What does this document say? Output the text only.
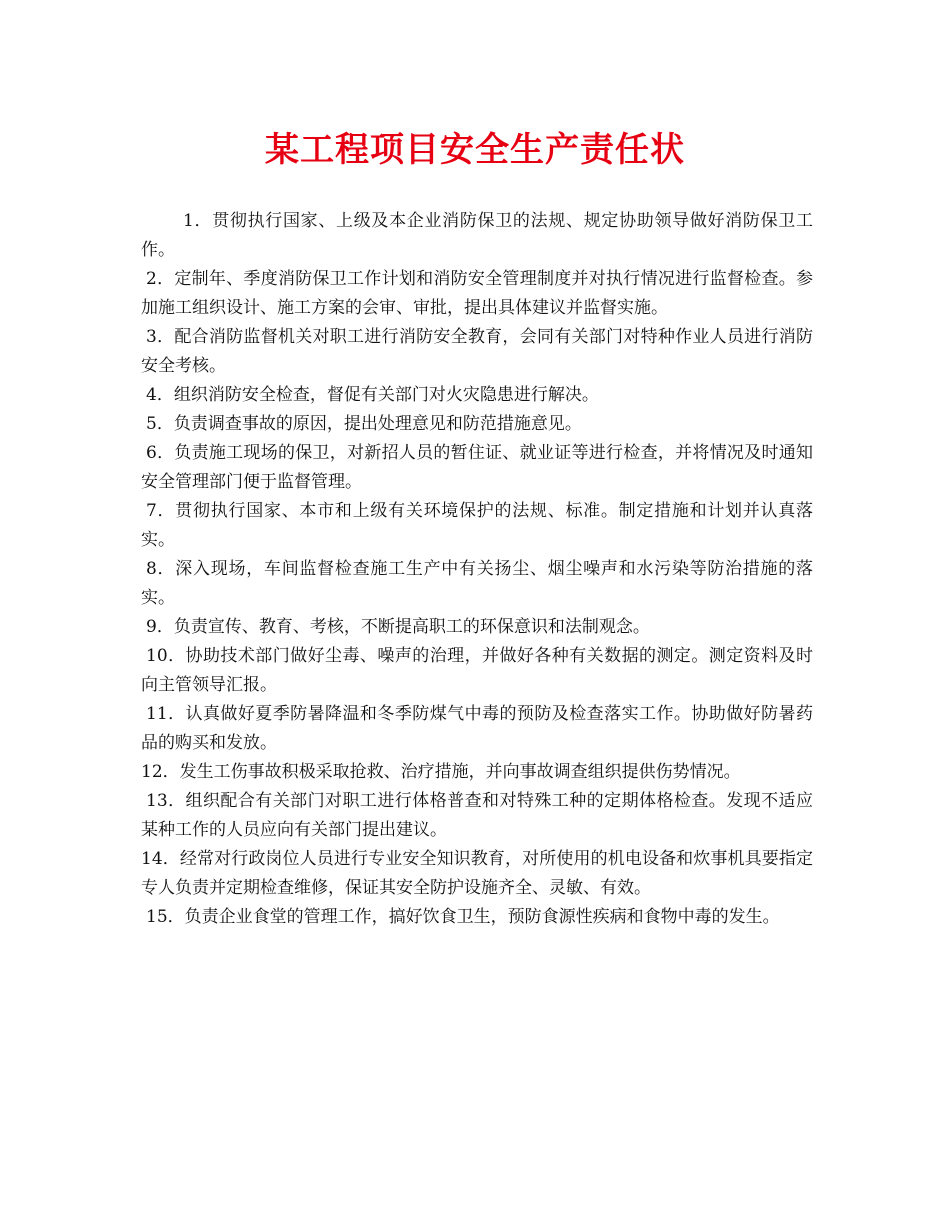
某工程项目安全生产责任状

1．贯彻执行国家、上级及本企业消防保卫的法规、规定协助领导做好消防保卫工作。

2．定制年、季度消防保卫工作计划和消防安全管理制度并对执行情况进行监督检查。参加施工组织设计、施工方案的会审、审批，提出具体建议并监督实施。

3．配合消防监督机关对职工进行消防安全教育，会同有关部门对特种作业人员进行消防安全考核。

4．组织消防安全检查，督促有关部门对火灾隐患进行解决。

5．负责调查事故的原因，提出处理意见和防范措施意见。

6．负责施工现场的保卫，对新招人员的暂住证、就业证等进行检查，并将情况及时通知安全管理部门便于监督管理。

7．贯彻执行国家、本市和上级有关环境保护的法规、标准。制定措施和计划并认真落实。

8．深入现场，车间监督检查施工生产中有关扬尘、烟尘噪声和水污染等防治措施的落实。

9．负责宣传、教育、考核，不断提高职工的环保意识和法制观念。

10．协助技术部门做好尘毒、噪声的治理，并做好各种有关数据的测定。测定资料及时向主管领导汇报。

11．认真做好夏季防暑降温和冬季防煤气中毒的预防及检查落实工作。协助做好防暑药品的购买和发放。

12．发生工伤事故积极采取抢救、治疗措施，并向事故调查组织提供伤势情况。

13．组织配合有关部门对职工进行体格普查和对特殊工种的定期体格检查。发现不适应某种工作的人员应向有关部门提出建议。

14．经常对行政岗位人员进行专业安全知识教育，对所使用的机电设备和炊事机具要指定专人负责并定期检查维修，保证其安全防护设施齐全、灵敏、有效。

15．负责企业食堂的管理工作，搞好饮食卫生，预防食源性疾病和食物中毒的发生。
